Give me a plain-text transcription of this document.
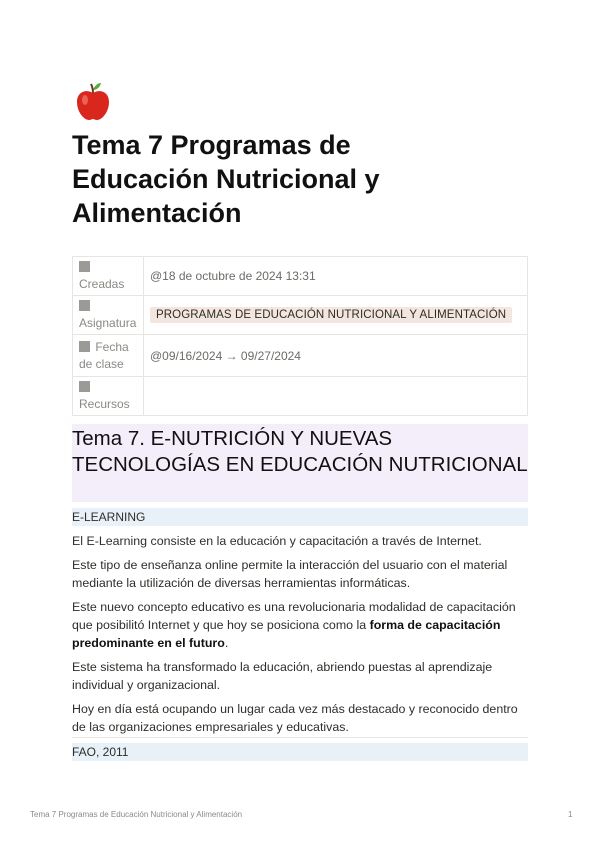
Tema 7 Programas de Educación Nutricional y Alimentación

Creadas	@18 de octubre de 2024 13:31

Asignatura	PROGRAMAS DE EDUCACIÓN NUTRICIONAL Y ALIMENTACIÓN
Fecha de clase	@09/16/2024 → 09/27/2024

Recursos	
Tema 7. E-NUTRICIÓN Y NUEVAS TECNOLOGÍAS EN EDUCACIÓN NUTRICIONAL
E-LEARNING

El E-Learning consiste en la educación y capacitación a través de Internet.

Este tipo de enseñanza online permite la interacción del usuario con el material mediante la utilización de diversas herramientas informáticas.

Este nuevo concepto educativo es una revolucionaria modalidad de capacitación que posibilitó Internet y que hoy se posiciona como la forma de capacitación predominante en el futuro.

Este sistema ha transformado la educación, abriendo puestas al aprendizaje individual y organizacional.

Hoy en día está ocupando un lugar cada vez más destacado y reconocido dentro de las organizaciones empresariales y educativas.

FAO, 2011
Tema 7 Programas de Educación Nutricional y Alimentación	1
